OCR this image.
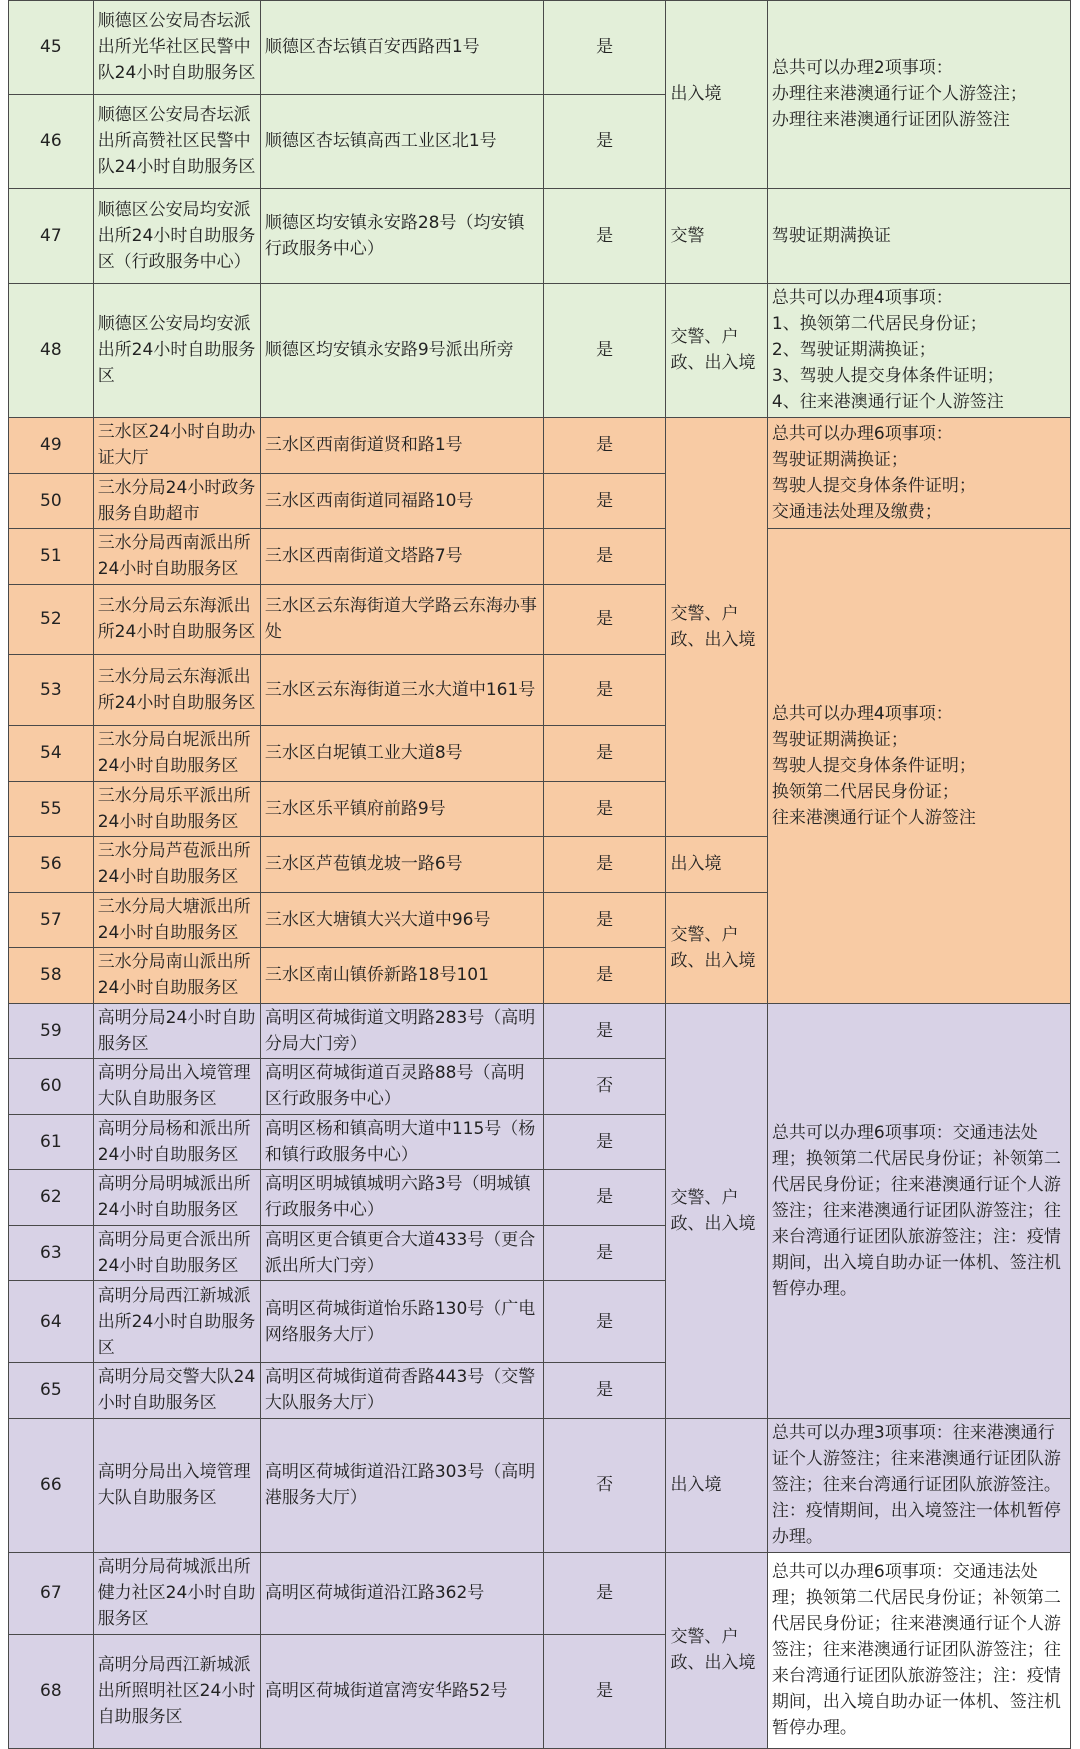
45	顺德区公安局杏坛派出所光华社区民警中队24小时自助服务区	顺德区杏坛镇百安西路西1号	是	出入境	总共可以办理2项事项：
办理往来港澳通行证个人游签注；
办理往来港澳通行证团队游签注

46	顺德区公安局杏坛派出所高赞社区民警中队24小时自助服务区	顺德区杏坛镇高西工业区北1号	是		
47	顺德区公安局均安派出所24小时自助服务区（行政服务中心）	顺德区均安镇永安路28号（均安镇行政服务中心）	是	交警	驾驶证期满换证

48	顺德区公安局均安派出所24小时自助服务区	顺德区均安镇永安路9号派出所旁	是	交警、户政、出入境	总共可以办理4项事项：
1、换领第二代居民身份证；
2、驾驶证期满换证；
3、驾驶人提交身体条件证明；
4、往来港澳通行证个人游签注

49	三水区24小时自助办证大厅	三水区西南街道贤和路1号	是	交警、户政、出入境	总共可以办理6项事项：
驾驶证期满换证；
驾驶人提交身体条件证明；
交通违法处理及缴费；

50	三水分局24小时政务服务自助超市	三水区西南街道同福路10号	是		
51	三水分局西南派出所24小时自助服务区	三水区西南街道文塔路7号	是		总共可以办理4项事项：
驾驶证期满换证；
驾驶人提交身体条件证明；
换领第二代居民身份证；
往来港澳通行证个人游签注

52	三水分局云东海派出所24小时自助服务区	三水区云东海街道大学路云东海办事处	是		
53	三水分局云东海派出所24小时自助服务区	三水区云东海街道三水大道中161号	是		
54	三水分局白坭派出所24小时自助服务区	三水区白坭镇工业大道8号	是		
55	三水分局乐平派出所24小时自助服务区	三水区乐平镇府前路9号	是		
56	三水分局芦苞派出所24小时自助服务区	三水区芦苞镇龙坡一路6号	是	出入境	
57	三水分局大塘派出所24小时自助服务区	三水区大塘镇大兴大道中96号	是	交警、户政、出入境	
58	三水分局南山派出所24小时自助服务区	三水区南山镇侨新路18号101	是		
59	高明分局24小时自助服务区	高明区荷城街道文明路283号（高明分局大门旁）	是	交警、户政、出入境	总共可以办理6项事项：交通违法处理；换领第二代居民身份证；补领第二代居民身份证；往来港澳通行证个人游签注；往来港澳通行证团队游签注；往来台湾通行证团队旅游签注；注：疫情期间，出入境自助办证一体机、签注机暂停办理。
60	高明分局出入境管理大队自助服务区	高明区荷城街道百灵路88号（高明区行政服务中心）	否		
61	高明分局杨和派出所24小时自助服务区	高明区杨和镇高明大道中115号（杨和镇行政服务中心）	是		
62	高明分局明城派出所24小时自助服务区	高明区明城镇城明六路3号（明城镇行政服务中心）	是		
63	高明分局更合派出所24小时自助服务区	高明区更合镇更合大道433号（更合派出所大门旁）	是		
64	高明分局西江新城派出所24小时自助服务区	高明区荷城街道怡乐路130号（广电网络服务大厅）	是		
65	高明分局交警大队24小时自助服务区	高明区荷城街道荷香路443号（交警大队服务大厅）	是		
66	高明分局出入境管理大队自助服务区	高明区荷城街道沿江路303号（高明港服务大厅）	否	出入境	总共可以办理3项事项：往来港澳通行证个人游签注；往来港澳通行证团队游签注；往来台湾通行证团队旅游签注。注：疫情期间，出入境签注一体机暂停办理。
67	高明分局荷城派出所健力社区24小时自助服务区	高明区荷城街道沿江路362号	是	交警、户政、出入境	总共可以办理6项事项：交通违法处理；换领第二代居民身份证；补领第二代居民身份证；往来港澳通行证个人游签注；往来港澳通行证团队游签注；往来台湾通行证团队旅游签注；注：疫情期间，出入境自助办证一体机、签注机暂停办理。
68	高明分局西江新城派出所照明社区24小时自助服务区	高明区荷城街道富湾安华路52号	是		
